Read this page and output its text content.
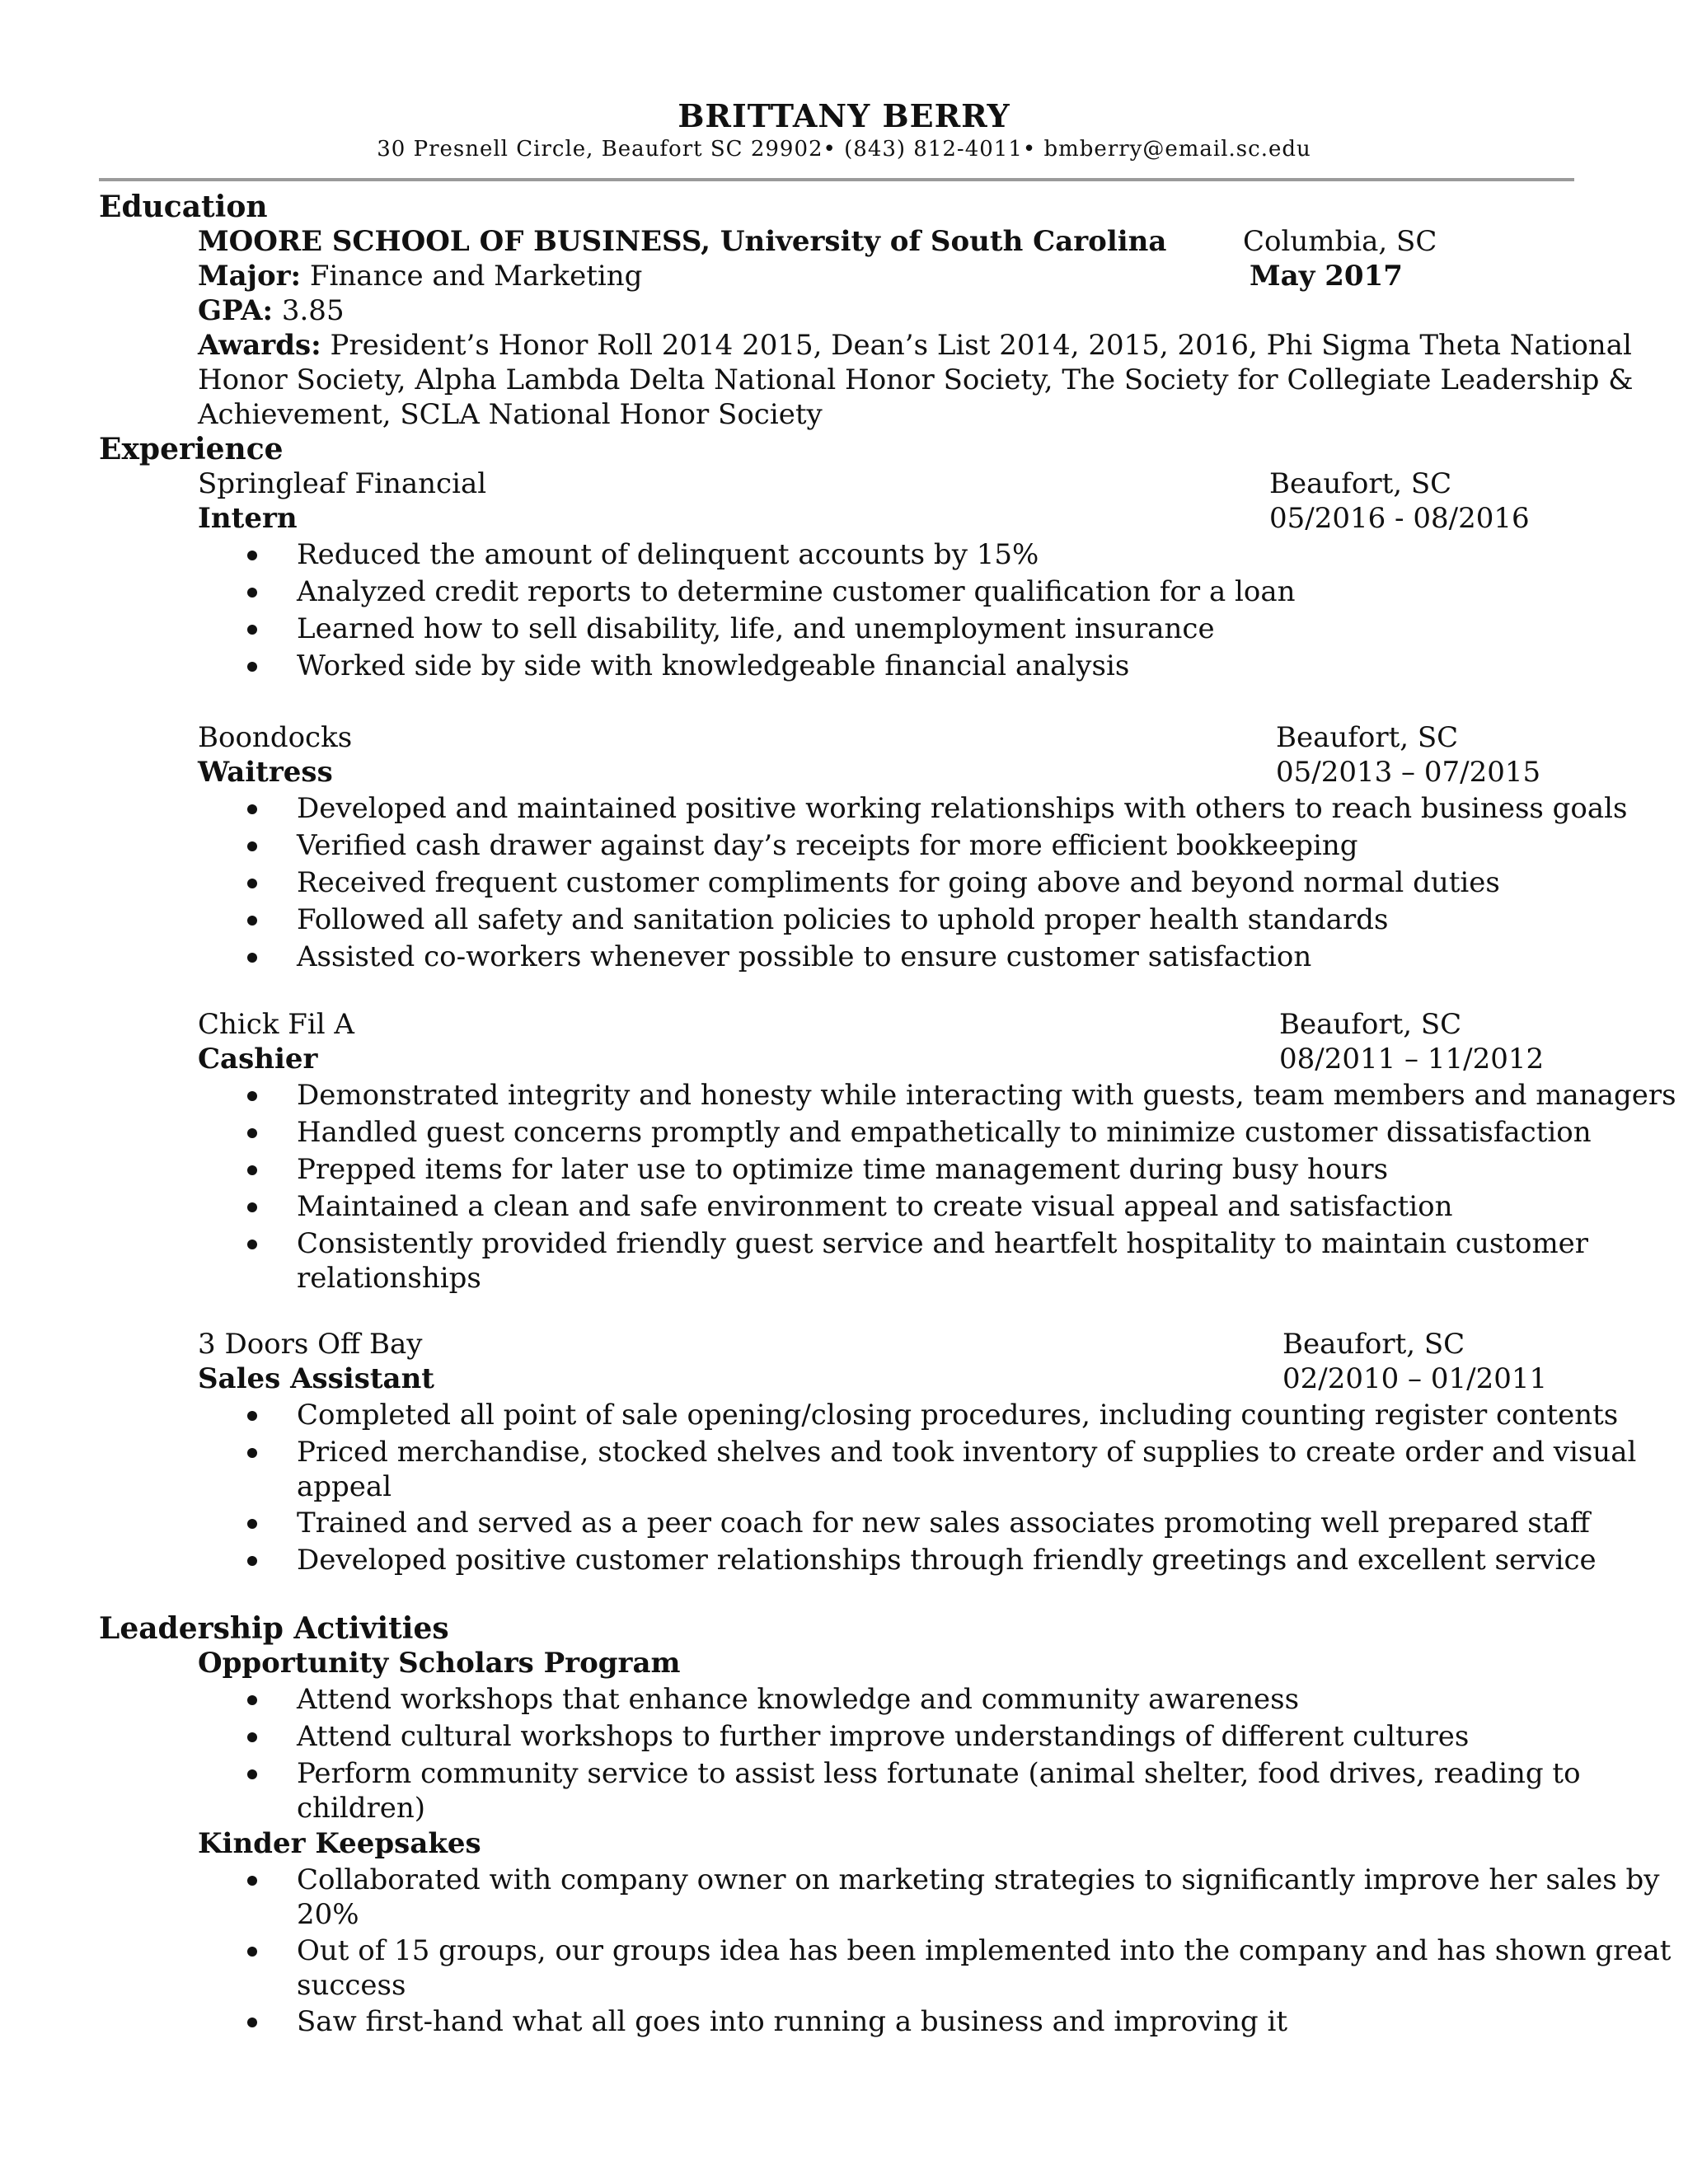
BRITTANY BERRY
30 Presnell Circle, Beaufort SC 29902• (843) 812-4011• bmberry@email.sc.edu
Education
MOORE SCHOOL OF BUSINESS, University of South Carolina	Columbia, SC
Major: Finance and Marketing	May 2017
GPA: 3.85
Awards: President’s Honor Roll 2014 2015, Dean’s List 2014, 2015, 2016, Phi Sigma Theta National
Honor Society, Alpha Lambda Delta National Honor Society, The Society for Collegiate Leadership &
Achievement, SCLA National Honor Society
Experience
Springleaf Financial	Beaufort, SC
Intern	05/2016 - 08/2016
Reduced the amount of delinquent accounts by 15%
Analyzed credit reports to determine customer qualification for a loan
Learned how to sell disability, life, and unemployment insurance
Worked side by side with knowledgeable financial analysis
Boondocks	Beaufort, SC
Waitress	05/2013 – 07/2015
Developed and maintained positive working relationships with others to reach business goals
Verified cash drawer against day’s receipts for more efficient bookkeeping
Received frequent customer compliments for going above and beyond normal duties
Followed all safety and sanitation policies to uphold proper health standards
Assisted co-workers whenever possible to ensure customer satisfaction
Chick Fil A	Beaufort, SC
Cashier	08/2011 – 11/2012
Demonstrated integrity and honesty while interacting with guests, team members and managers
Handled guest concerns promptly and empathetically to minimize customer dissatisfaction
Prepped items for later use to optimize time management during busy hours
Maintained a clean and safe environment to create visual appeal and satisfaction
Consistently provided friendly guest service and heartfelt hospitality to maintain customer
relationships
3 Doors Off Bay	Beaufort, SC
Sales Assistant	02/2010 – 01/2011
Completed all point of sale opening/closing procedures, including counting register contents
Priced merchandise, stocked shelves and took inventory of supplies to create order and visual
appeal
Trained and served as a peer coach for new sales associates promoting well prepared staff
Developed positive customer relationships through friendly greetings and excellent service
Leadership Activities
Opportunity Scholars Program
Attend workshops that enhance knowledge and community awareness
Attend cultural workshops to further improve understandings of different cultures
Perform community service to assist less fortunate (animal shelter, food drives, reading to
children)
Kinder Keepsakes
Collaborated with company owner on marketing strategies to significantly improve her sales by
20%
Out of 15 groups, our groups idea has been implemented into the company and has shown great
success
Saw first-hand what all goes into running a business and improving it
